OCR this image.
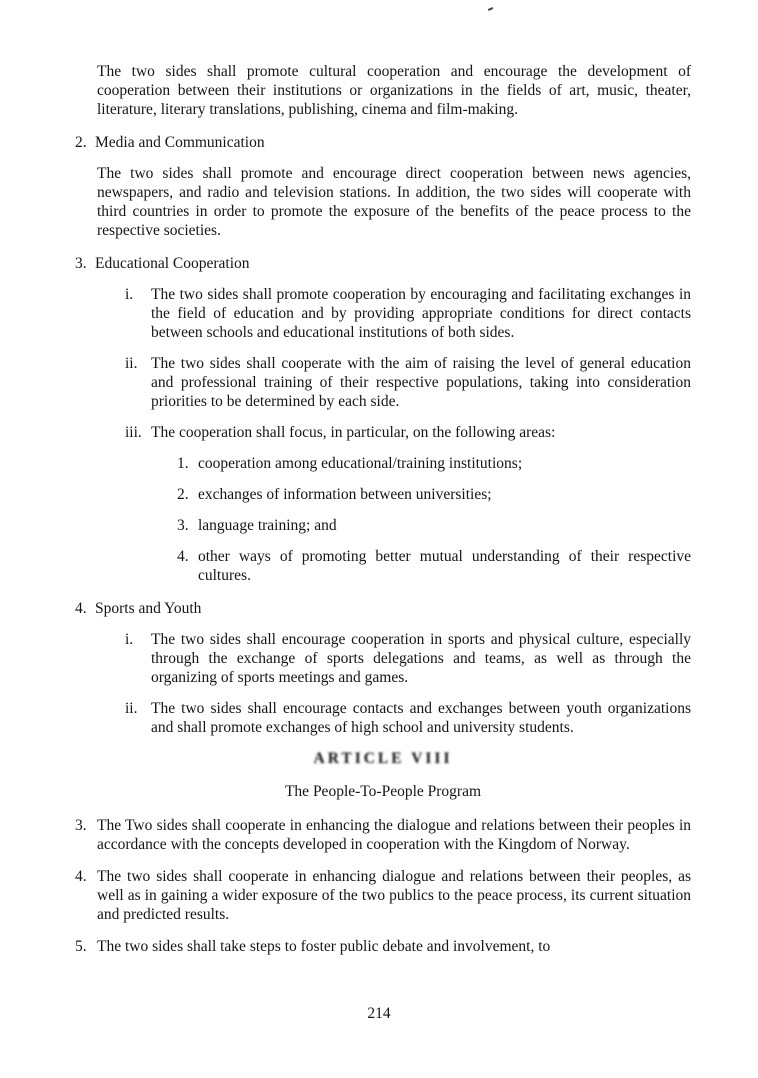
The two sides shall promote cultural cooperation and encourage the development of cooperation between their institutions or organizations in the fields of art, music, theater, literature, literary translations, publishing, cinema and film-making.

2. Media and Communication

The two sides shall promote and encourage direct cooperation between news agencies, newspapers, and radio and television stations. In addition, the two sides will cooperate with third countries in order to promote the exposure of the benefits of the peace process to the respective societies.

3. Educational Cooperation
i.	The two sides shall promote cooperation by encouraging and facilitating exchanges in the field of education and by providing appropriate conditions for direct contacts between schools and educational institutions of both sides.
ii. The two sides shall cooperate with the aim of raising the level of general education and professional training of their respective populations, taking into consideration priorities to be determined by each side.
iii. The cooperation shall focus, in particular, on the following areas:
1. cooperation among educational/training institutions;
2. exchanges of information between universities;
3. language training; and
4. other ways of promoting better mutual understanding of their respective cultures.
4. Sports and Youth
i.	The two sides shall encourage cooperation in sports and physical culture, especially through the exchange of sports delegations and teams, as well as through the organizing of sports meetings and games.
ii. The two sides shall encourage contacts and exchanges between youth organizations and shall promote exchanges of high school and university students.
ARTICLE VIII
The People-To-People Program
3. The Two sides shall cooperate in enhancing the dialogue and relations between their peoples in accordance with the concepts developed in cooperation with the Kingdom of Norway.
4. The two sides shall cooperate in enhancing dialogue and relations between their peoples, as well as in gaining a wider exposure of the two publics to the peace process, its current situation and predicted results.
5. The two sides shall take steps to foster public debate and involvement, to
214
